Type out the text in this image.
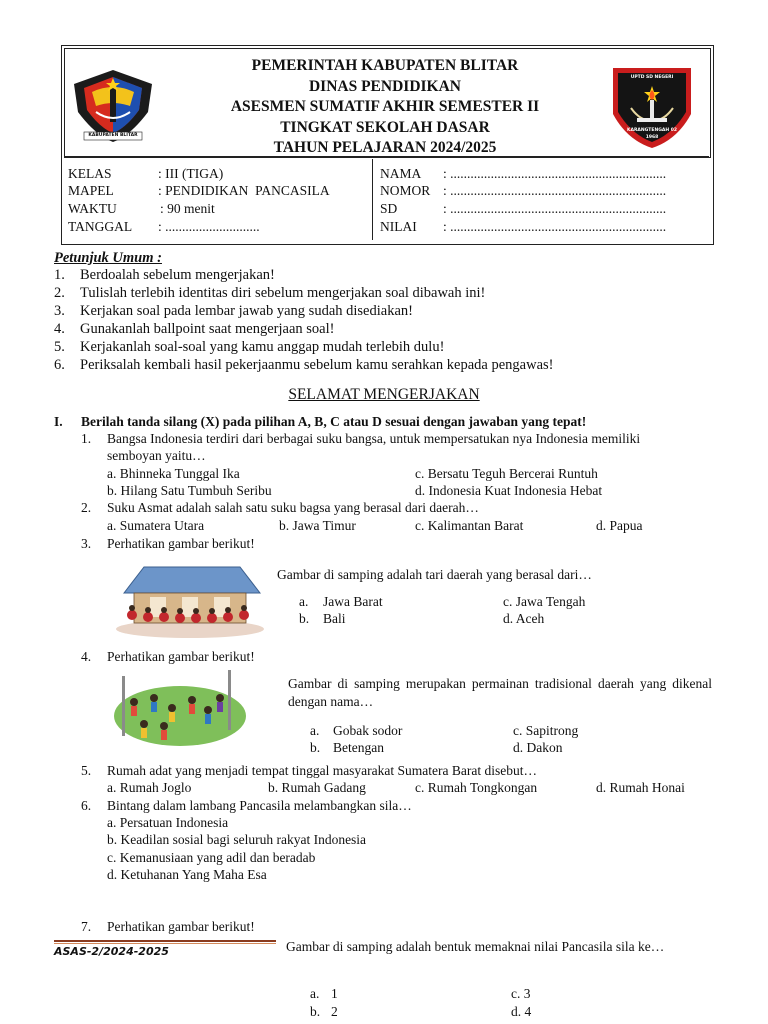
KABUPATEN BLITAR
UPTD SD NEGERI
KARANGTENGAH 02
1968
PEMERINTAH KABUPATEN BLITAR
DINAS PENDIDIKAN
ASESMEN SUMATIF AKHIR SEMESTER II
TINGKAT SEKOLAH DASAR
TAHUN PELAJARAN 2024/2025
KELAS	: III (TIGA)
MAPEL	: PENDIDIKAN  PANCASILA
WAKTU	: 90 menit
TANGGAL : ............................
NAMA : ................................................................
NOMOR : ................................................................
SD	: ................................................................
NILAI : ................................................................
Petunjuk Umum :
1. Berdoalah sebelum mengerjakan!
2. Tulislah terlebih identitas diri sebelum mengerjakan soal dibawah ini!
3. Kerjakan soal pada lembar jawab yang sudah disediakan!
4. Gunakanlah ballpoint saat mengerjaan soal!
5. Kerjakanlah soal-soal yang kamu anggap mudah terlebih dulu!
6. Periksalah kembali hasil pekerjaanmu sebelum kamu serahkan kepada pengawas!
SELAMAT MENGERJAKAN
I. Berilah tanda silang (X) pada pilihan A, B, C atau D sesuai dengan jawaban yang tepat!
1. Bangsa Indonesia terdiri dari berbagai suku bangsa, untuk mempersatukan nya Indonesia memiliki
semboyan yaitu…
a. Bhinneka Tunggal Ika	c. Bersatu Teguh Bercerai Runtuh
b. Hilang Satu Tumbuh Seribu	d. Indonesia Kuat Indonesia Hebat
2. Suku Asmat adalah salah satu suku bagsa yang berasal dari daerah…
a. Sumatera Utara	b. Jawa Timur	c. Kalimantan Barat	d. Papua
3. Perhatikan gambar berikut!
Gambar di samping adalah tari daerah yang berasal dari…
a. Jawa Barat	c. Jawa Tengah
b. Bali	d. Aceh
4. Perhatikan gambar berikut!
Gambar di samping merupakan permainan tradisional daerah yang dikenal dengan nama…
a. Gobak sodor	c. Sapitrong
b. Betengan	d. Dakon
5. Rumah adat yang menjadi tempat tinggal masyarakat Sumatera Barat disebut…
a. Rumah Joglo	b. Rumah Gadang	c. Rumah Tongkongan	d. Rumah Honai
6. Bintang dalam lambang Pancasila melambangkan sila…
a. Persatuan Indonesia
b. Keadilan sosial bagi seluruh rakyat Indonesia
c. Kemanusiaan yang adil dan beradab
d. Ketuhanan Yang Maha Esa
7. Perhatikan gambar berikut!
Gambar di samping adalah bentuk memaknai nilai Pancasila sila ke…
a. 1	c. 3
b. 2	d. 4
ASAS-2/2024-2025
